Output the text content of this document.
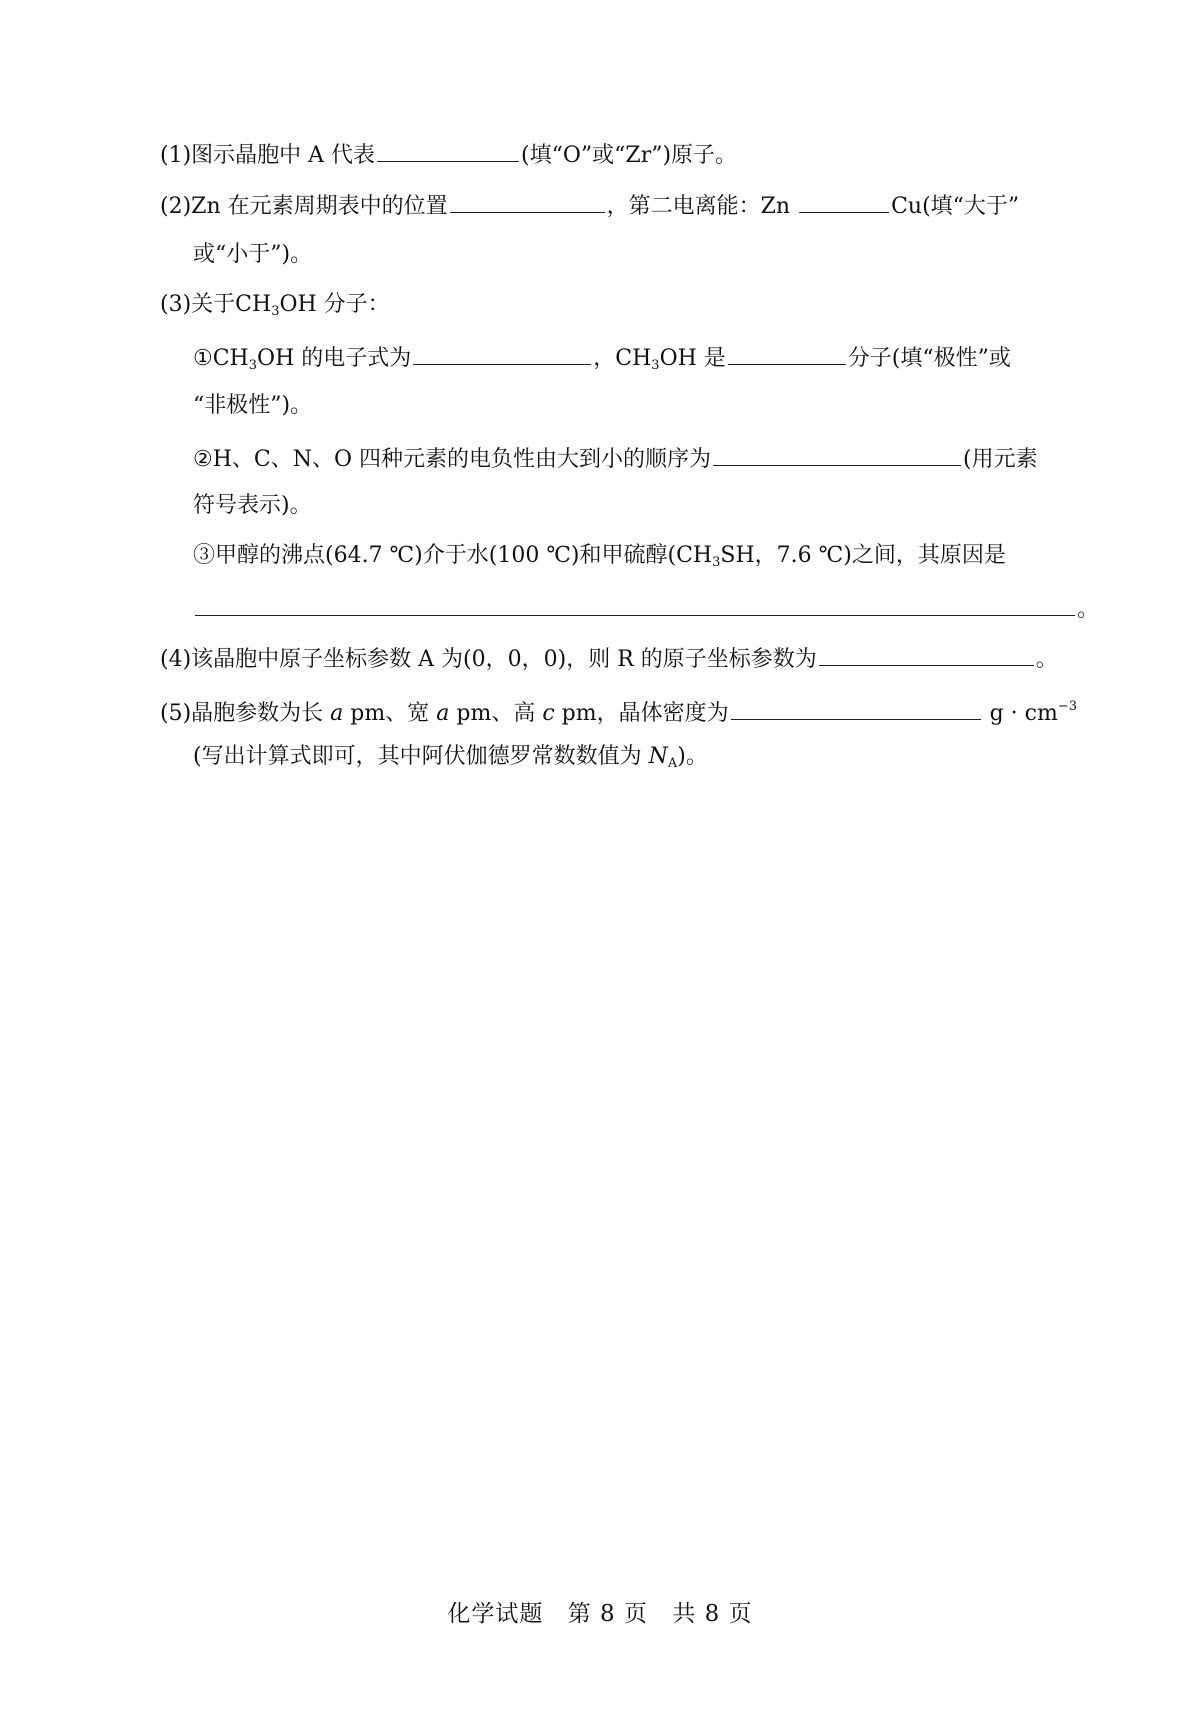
(1)图示晶胞中 A 代表	(填“O”或“Zr”)原子。
(2)Zn 在元素周期表中的位置	，第二电离能：Zn	Cu(填“大于”
或“小于”)。
(3)关于$CH_3OH$ 分子：
$①CH_3OH$ 的电子式为	，$CH_3OH$ 是	分子(填“极性”或
“非极性”)。
②H、C、N、O 四种元素的电负性由大到小的顺序为	(用元素
符号表示)。
③甲醇的沸点(64.7 ℃)介于水(100 ℃)和甲硫醇($CH_3SH$，7.6 ℃)之间，其原因是
。
(4)该晶胞中原子坐标参数 A 为(0，0，0)，则 R 的原子坐标参数为	。
(5)晶胞参数为长 a pm、宽 a pm、高 c pm，晶体密度为	$g \cdot cm^{-3}$
(写出计算式即可，其中阿伏伽德罗常数数值为 $N_A$)。
化学试题 第 8 页 共 8 页
